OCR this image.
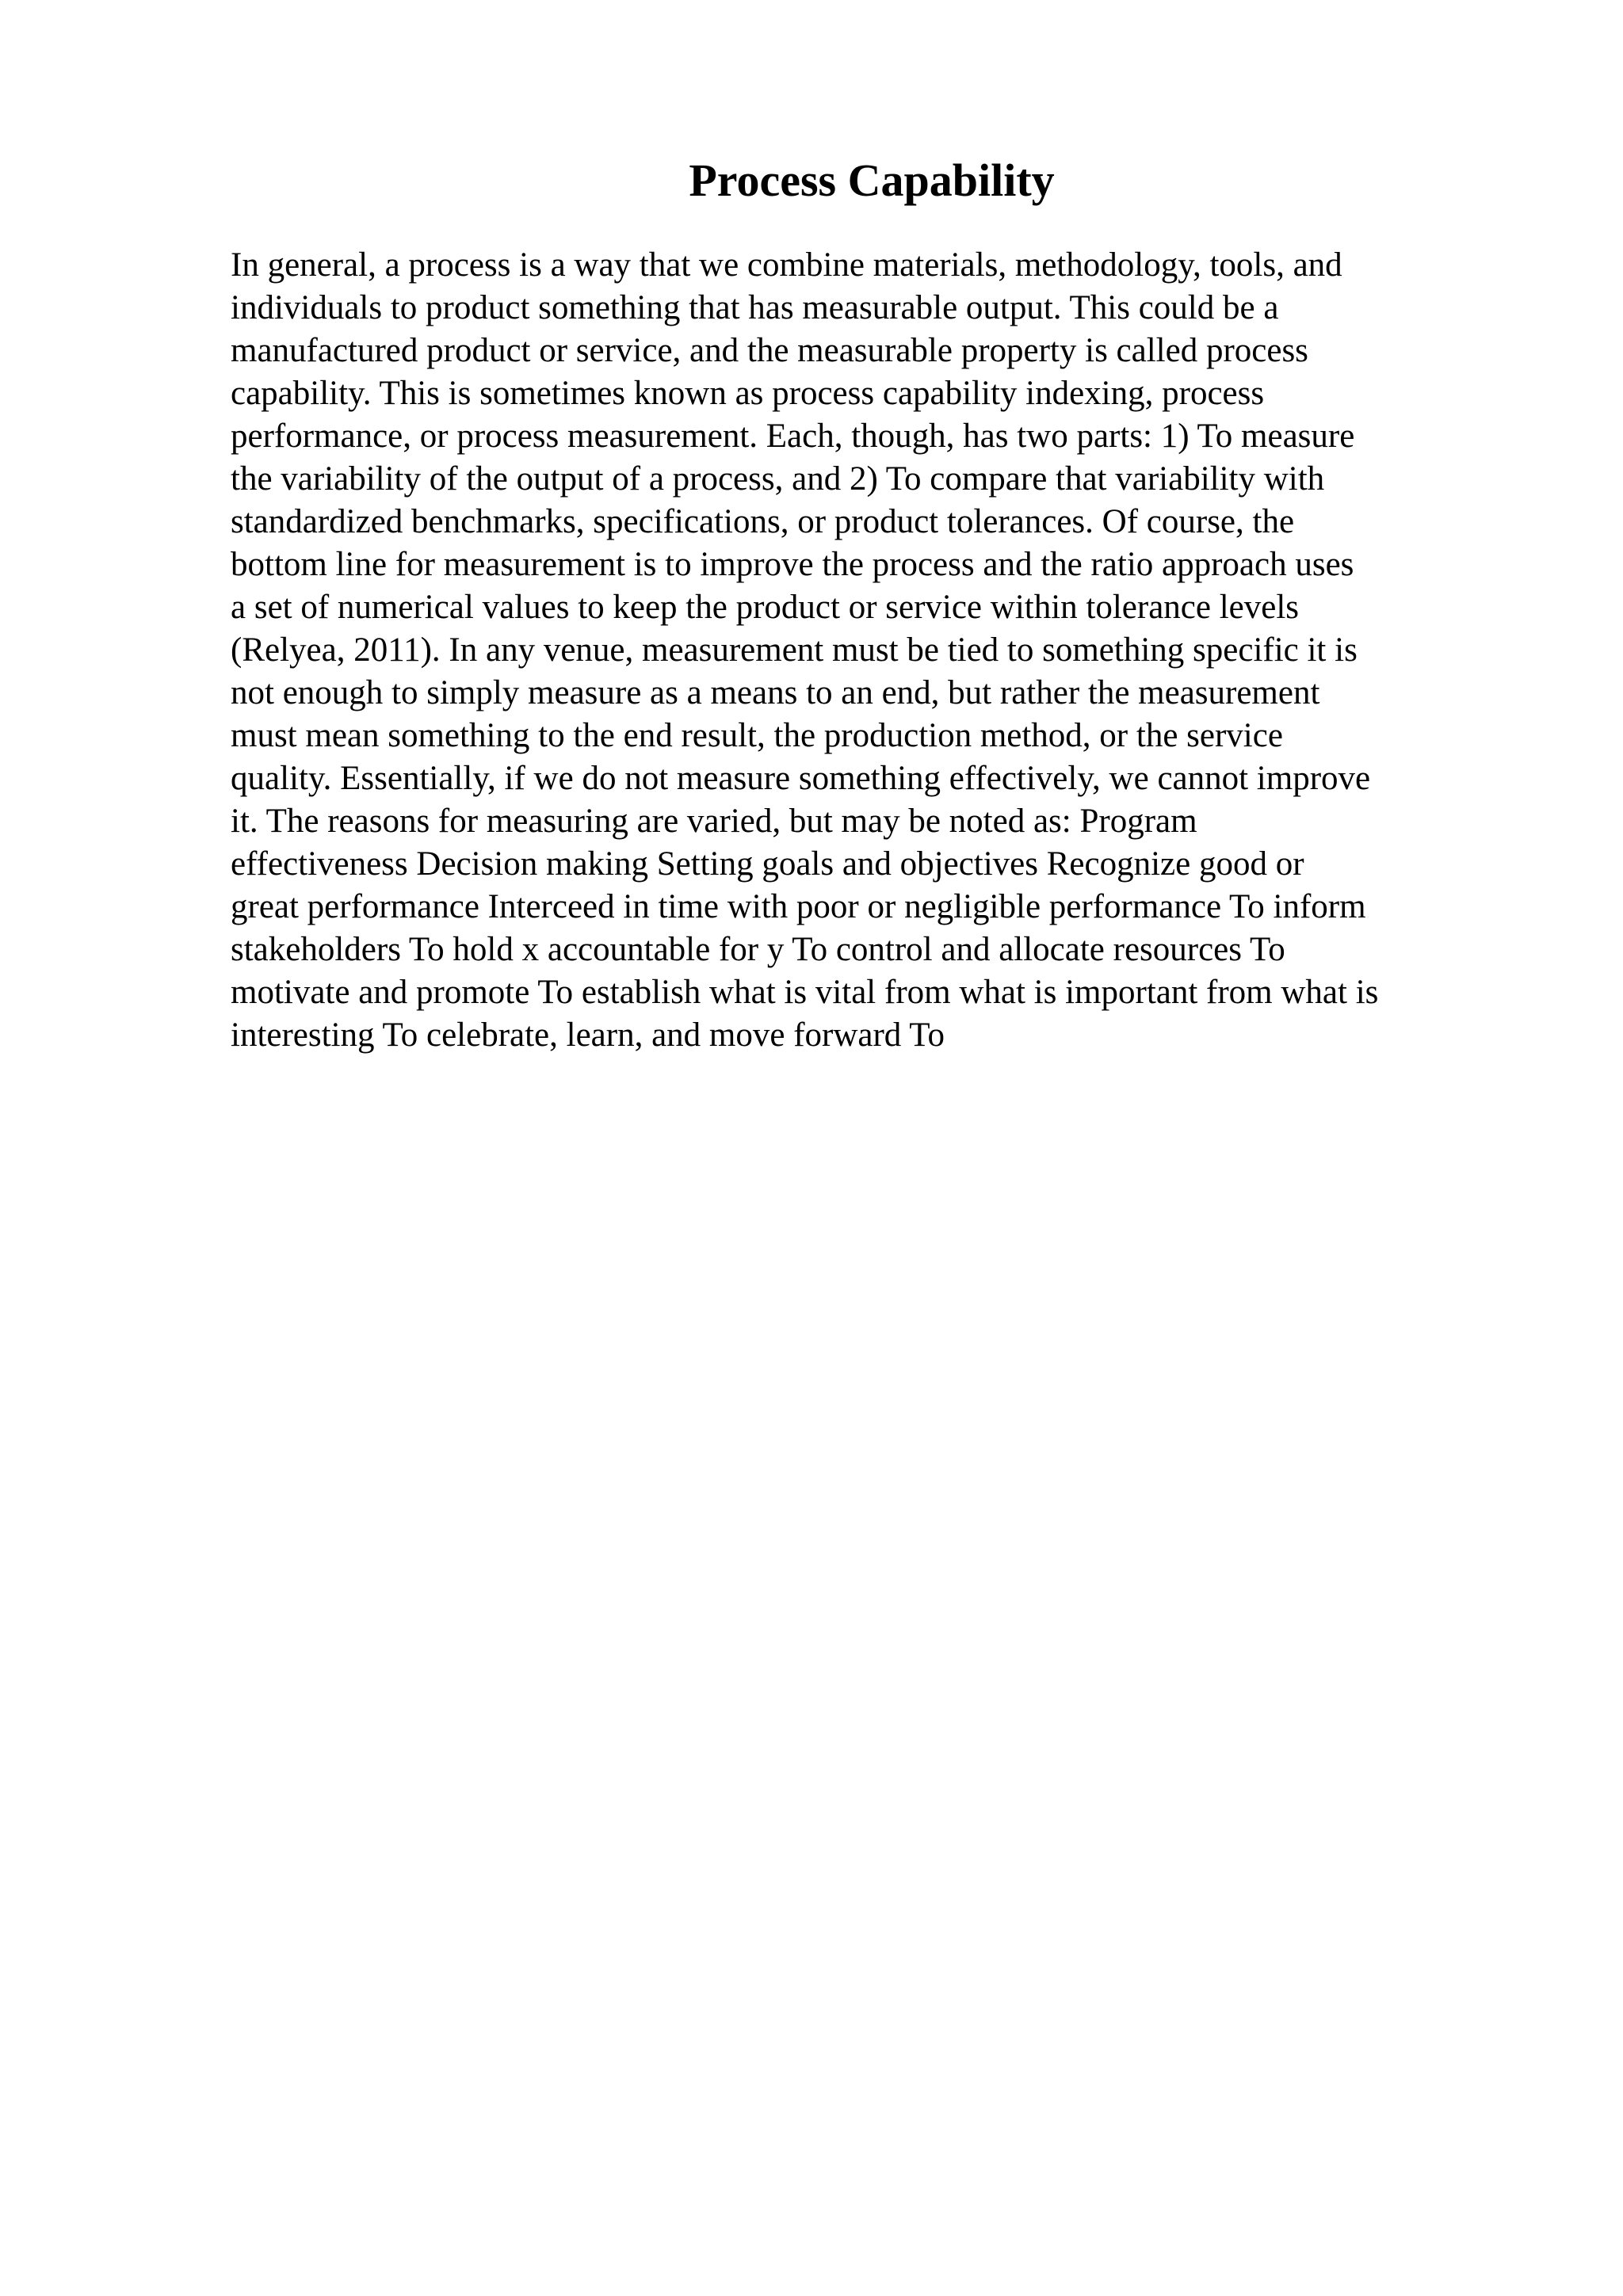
Process Capability
In general, a process is a way that we combine materials, methodology, tools, and
individuals to product something that has measurable output. This could be a
manufactured product or service, and the measurable property is called process
capability. This is sometimes known as process capability indexing, process
performance, or process measurement. Each, though, has two parts: 1) To measure
the variability of the output of a process, and 2) To compare that variability with
standardized benchmarks, specifications, or product tolerances. Of course, the
bottom line for measurement is to improve the process and the ratio approach uses
a set of numerical values to keep the product or service within tolerance levels
(Relyea, 2011). In any venue, measurement must be tied to something specific it is
not enough to simply measure as a means to an end, but rather the measurement
must mean something to the end result, the production method, or the service
quality. Essentially, if we do not measure something effectively, we cannot improve
it. The reasons for measuring are varied, but may be noted as: Program
effectiveness Decision making Setting goals and objectives Recognize good or
great performance Interceed in time with poor or negligible performance To inform
stakeholders To hold x accountable for y To control and allocate resources To
motivate and promote To establish what is vital from what is important from what is
interesting To celebrate, learn, and move forward To
